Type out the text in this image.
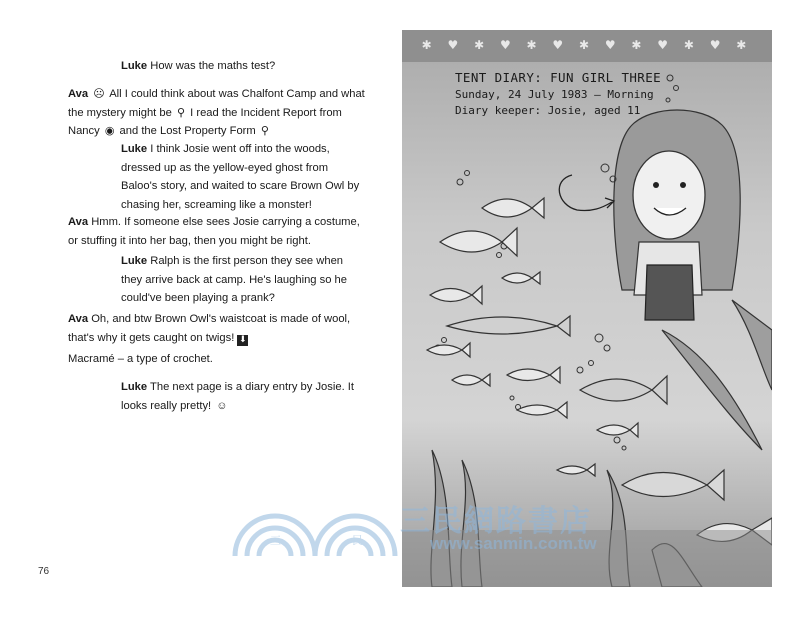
Luke How was the maths test?
Ava ☹ All I could think about was Chalfont Camp and what the mystery might be ⚲ I read the Incident Report from Nancy ◉ and the Lost Property Form ⚲
Luke I think Josie went off into the woods, dressed up as the yellow-eyed ghost from Baloo's story, and waited to scare Brown Owl by chasing her, screaming like a monster!
Ava Hmm. If someone else sees Josie carrying a costume, or stuffing it into her bag, then you might be right.
Luke Ralph is the first person they see when they arrive back at camp. He's laughing so he could've been playing a prank?
Ava Oh, and btw Brown Owl's waistcoat is made of wool, that's why it gets caught on twigs! ⬇
Macramé – a type of crochet.
Luke The next page is a diary entry by Josie. It looks really pretty! ☺
76
✱ ♥ ✱ ♥ ✱ ♥ ✱ ♥ ✱ ♥ ✱ ♥ ✱
TENT DIARY: FUN GIRL THREE
Sunday, 24 July 1983 – Morning
Diary keeper: Josie, aged 11
三	民
三民網路書店
www.sanmin.com.tw
